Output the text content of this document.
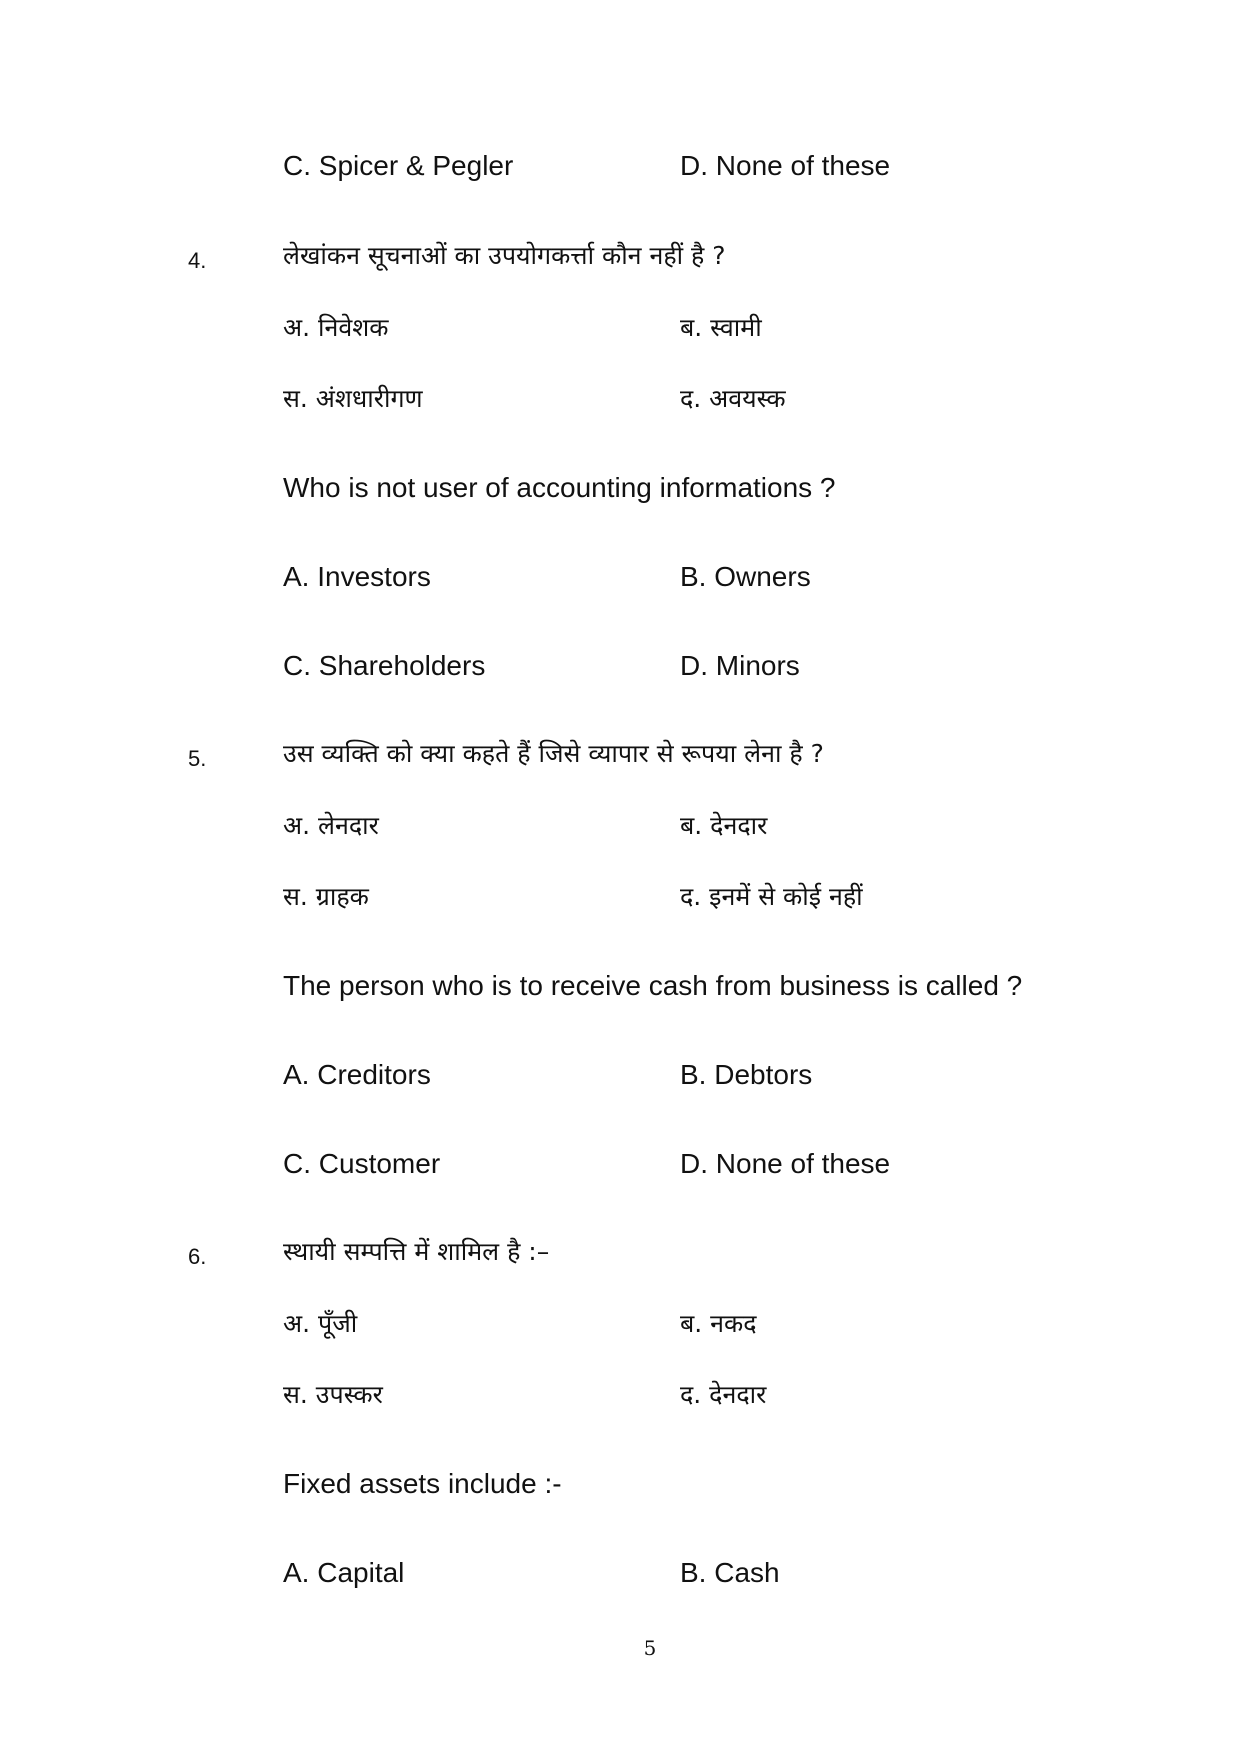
C. Spicer & Pegler	D. None of these
4.	लेखांकन सूचनाओं का उपयोगकर्त्ता कौन नहीं है ?
अ. निवेशक	ब. स्वामी
स. अंशधारीगण	द. अवयस्क
Who is not user of accounting informations ?
A. Investors	B. Owners
C. Shareholders	D. Minors
5.	उस व्यक्ति को क्या कहते हैं जिसे व्यापार से रूपया लेना है ?
अ. लेनदार	ब. देनदार
स. ग्राहक	द. इनमें से कोई नहीं
The person who is to receive cash from business is called ?
A. Creditors	B. Debtors
C. Customer	D. None of these
6.	स्थायी सम्पत्ति में शामिल है :–
अ. पूँजी	ब. नकद
स. उपस्कर	द. देनदार
Fixed assets include :-
A. Capital	B. Cash
5
